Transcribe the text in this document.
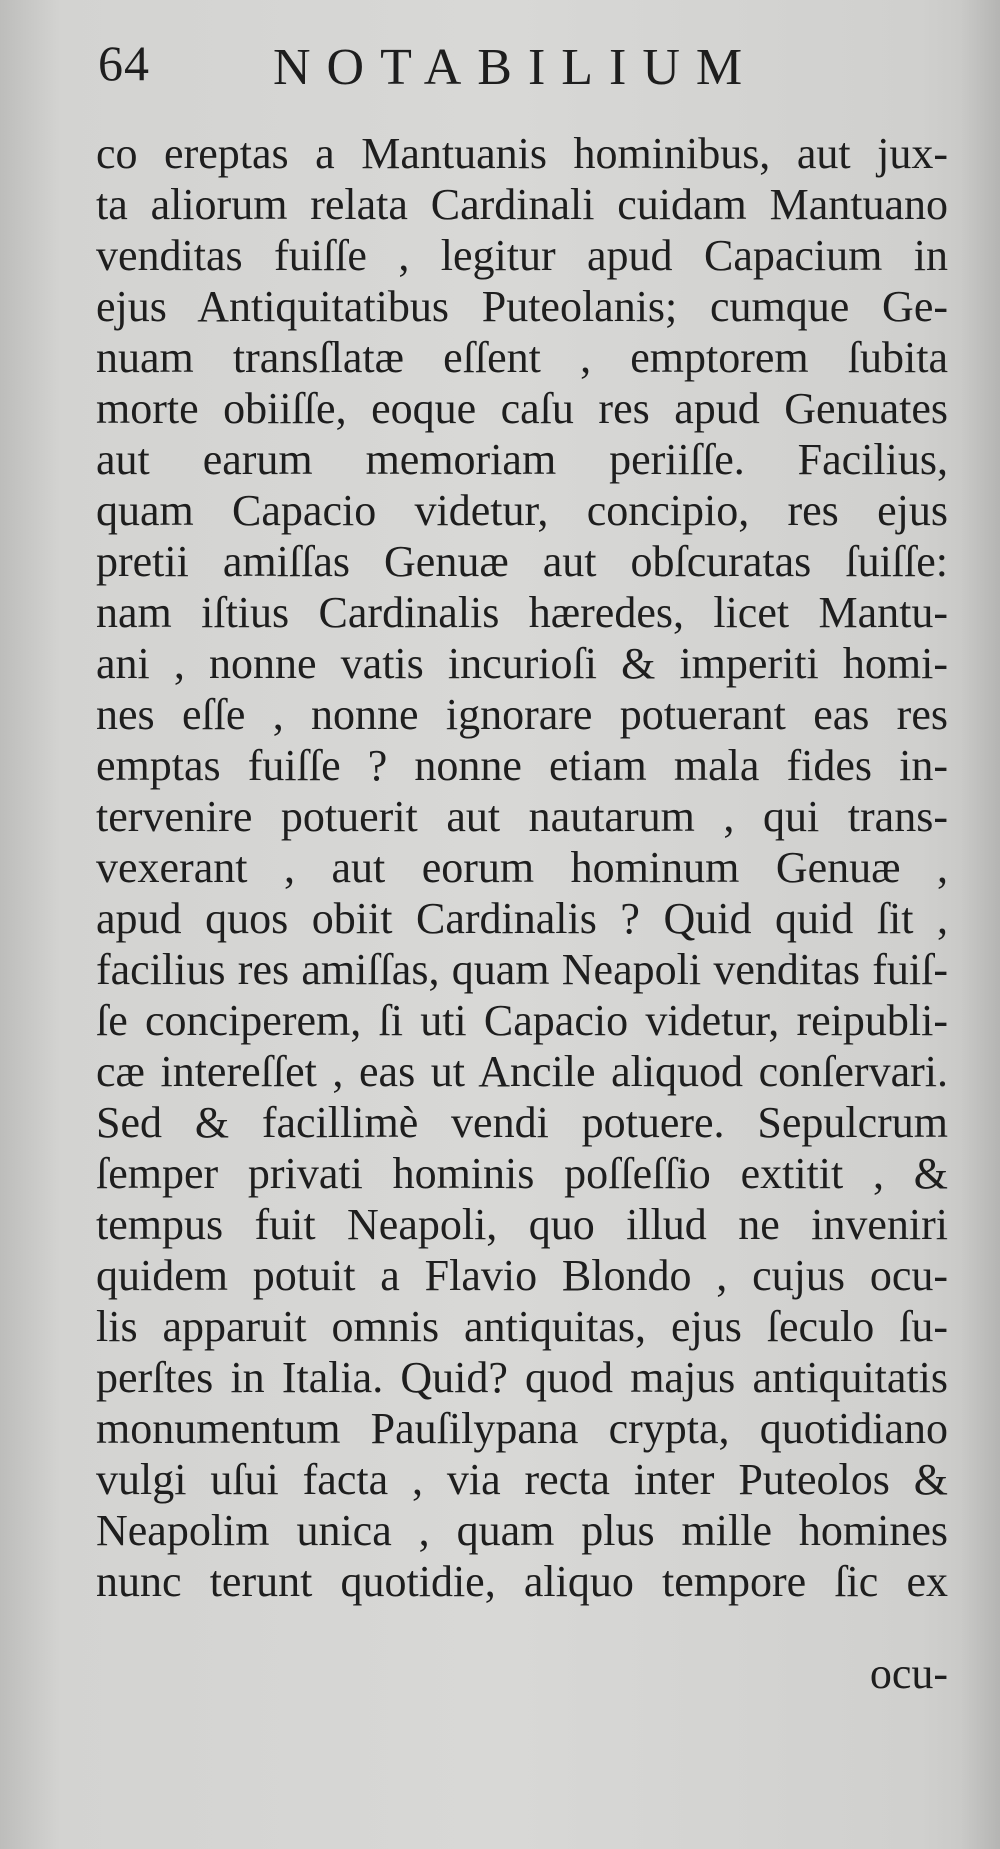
64 NOTABILIUM
co ereptas a Mantuanis hominibus, aut jux-
ta aliorum relata Cardinali cuidam Mantuano
venditas fuiſſe , legitur apud Capacium in
ejus Antiquitatibus Puteolanis; cumque Ge-
nuam transſlatæ eſſent , emptorem ſubita
morte obiiſſe, eoque caſu res apud Genuates
aut earum memoriam periiſſe. Facilius,
quam Capacio videtur, concipio, res ejus
pretii amiſſas Genuæ aut obſcuratas ſuiſſe:
nam iſtius Cardinalis hæredes, licet Mantu-
ani , nonne vatis incurioſi & imperiti homi-
nes eſſe , nonne ignorare potuerant eas res
emptas fuiſſe ? nonne etiam mala fides in-
tervenire potuerit aut nautarum , qui trans-
vexerant , aut eorum hominum Genuæ ,
apud quos obiit Cardinalis ? Quid quid ſit ,
facilius res amiſſas, quam Neapoli venditas fuiſ-
ſe conciperem, ſi uti Capacio videtur, reipubli-
cæ intereſſet , eas ut Ancile aliquod conſervari.
Sed & facillimè vendi potuere. Sepulcrum
ſemper privati hominis poſſeſſio extitit , &
tempus fuit Neapoli, quo illud ne inveniri
quidem potuit a Flavio Blondo , cujus ocu-
lis apparuit omnis antiquitas, ejus ſeculo ſu-
perſtes in Italia. Quid? quod majus antiquitatis
monumentum Pauſilypana crypta, quotidiano
vulgi uſui facta , via recta inter Puteolos &
Neapolim unica , quam plus mille homines
nunc terunt quotidie, aliquo tempore ſic ex
ocu-
